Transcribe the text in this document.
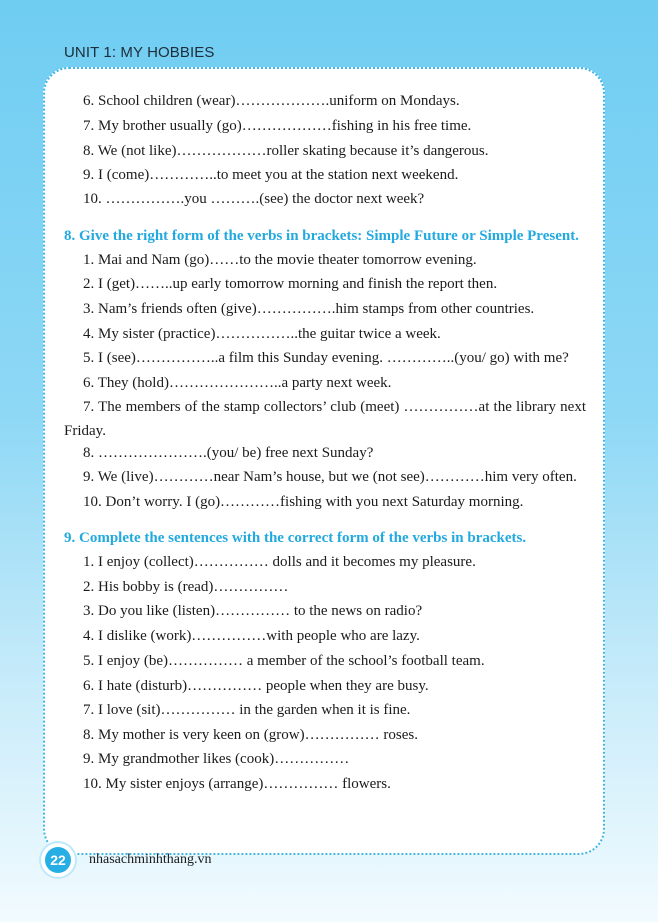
UNIT 1: MY HOBBIES
6. School children (wear)……………….uniform on Mondays.
7. My brother usually (go)………………fishing in his free time.
8. We (not like)………………roller skating because it’s dangerous.
9. I (come)…………..to meet you at the station next weekend.
10. …………….you ……….(see) the doctor next week?
8. Give the right form of the verbs in brackets: Simple Future or Simple Present.
1. Mai and Nam (go)……to the movie theater tomorrow evening.
2. I (get)……..up early tomorrow morning and finish the report then.
3. Nam’s friends often (give)…………….him stamps from other countries.
4. My sister (practice)……………..the guitar twice a week.
5. I (see)……………..a film this Sunday evening. …………..(you/ go) with me?
6. They (hold)…………………..a party next week.
7. The members of the stamp collectors’ club (meet) ……………at the library next Friday.
8. ………………….(you/ be) free next Sunday?
9. We (live)…………near Nam’s house, but we (not see)…………him very often.
10. Don’t worry. I (go)…………fishing with you next Saturday morning.
9. Complete the sentences with the correct form of the verbs in brackets.
1. I enjoy (collect)…………… dolls and it becomes my pleasure.
2. His bobby is (read)……………
3. Do you like (listen)…………… to the news on radio?
4. I dislike (work)……………with people who are lazy.
5. I enjoy (be)…………… a member of the school’s football team.
6. I hate (disturb)…………… people when they are busy.
7. I love (sit)…………… in the garden when it is fine.
8. My mother is very keen on (grow)…………… roses.
9. My grandmother likes (cook)……………
10. My sister enjoys (arrange)…………… flowers.
22	nhasachminhthang.vn
